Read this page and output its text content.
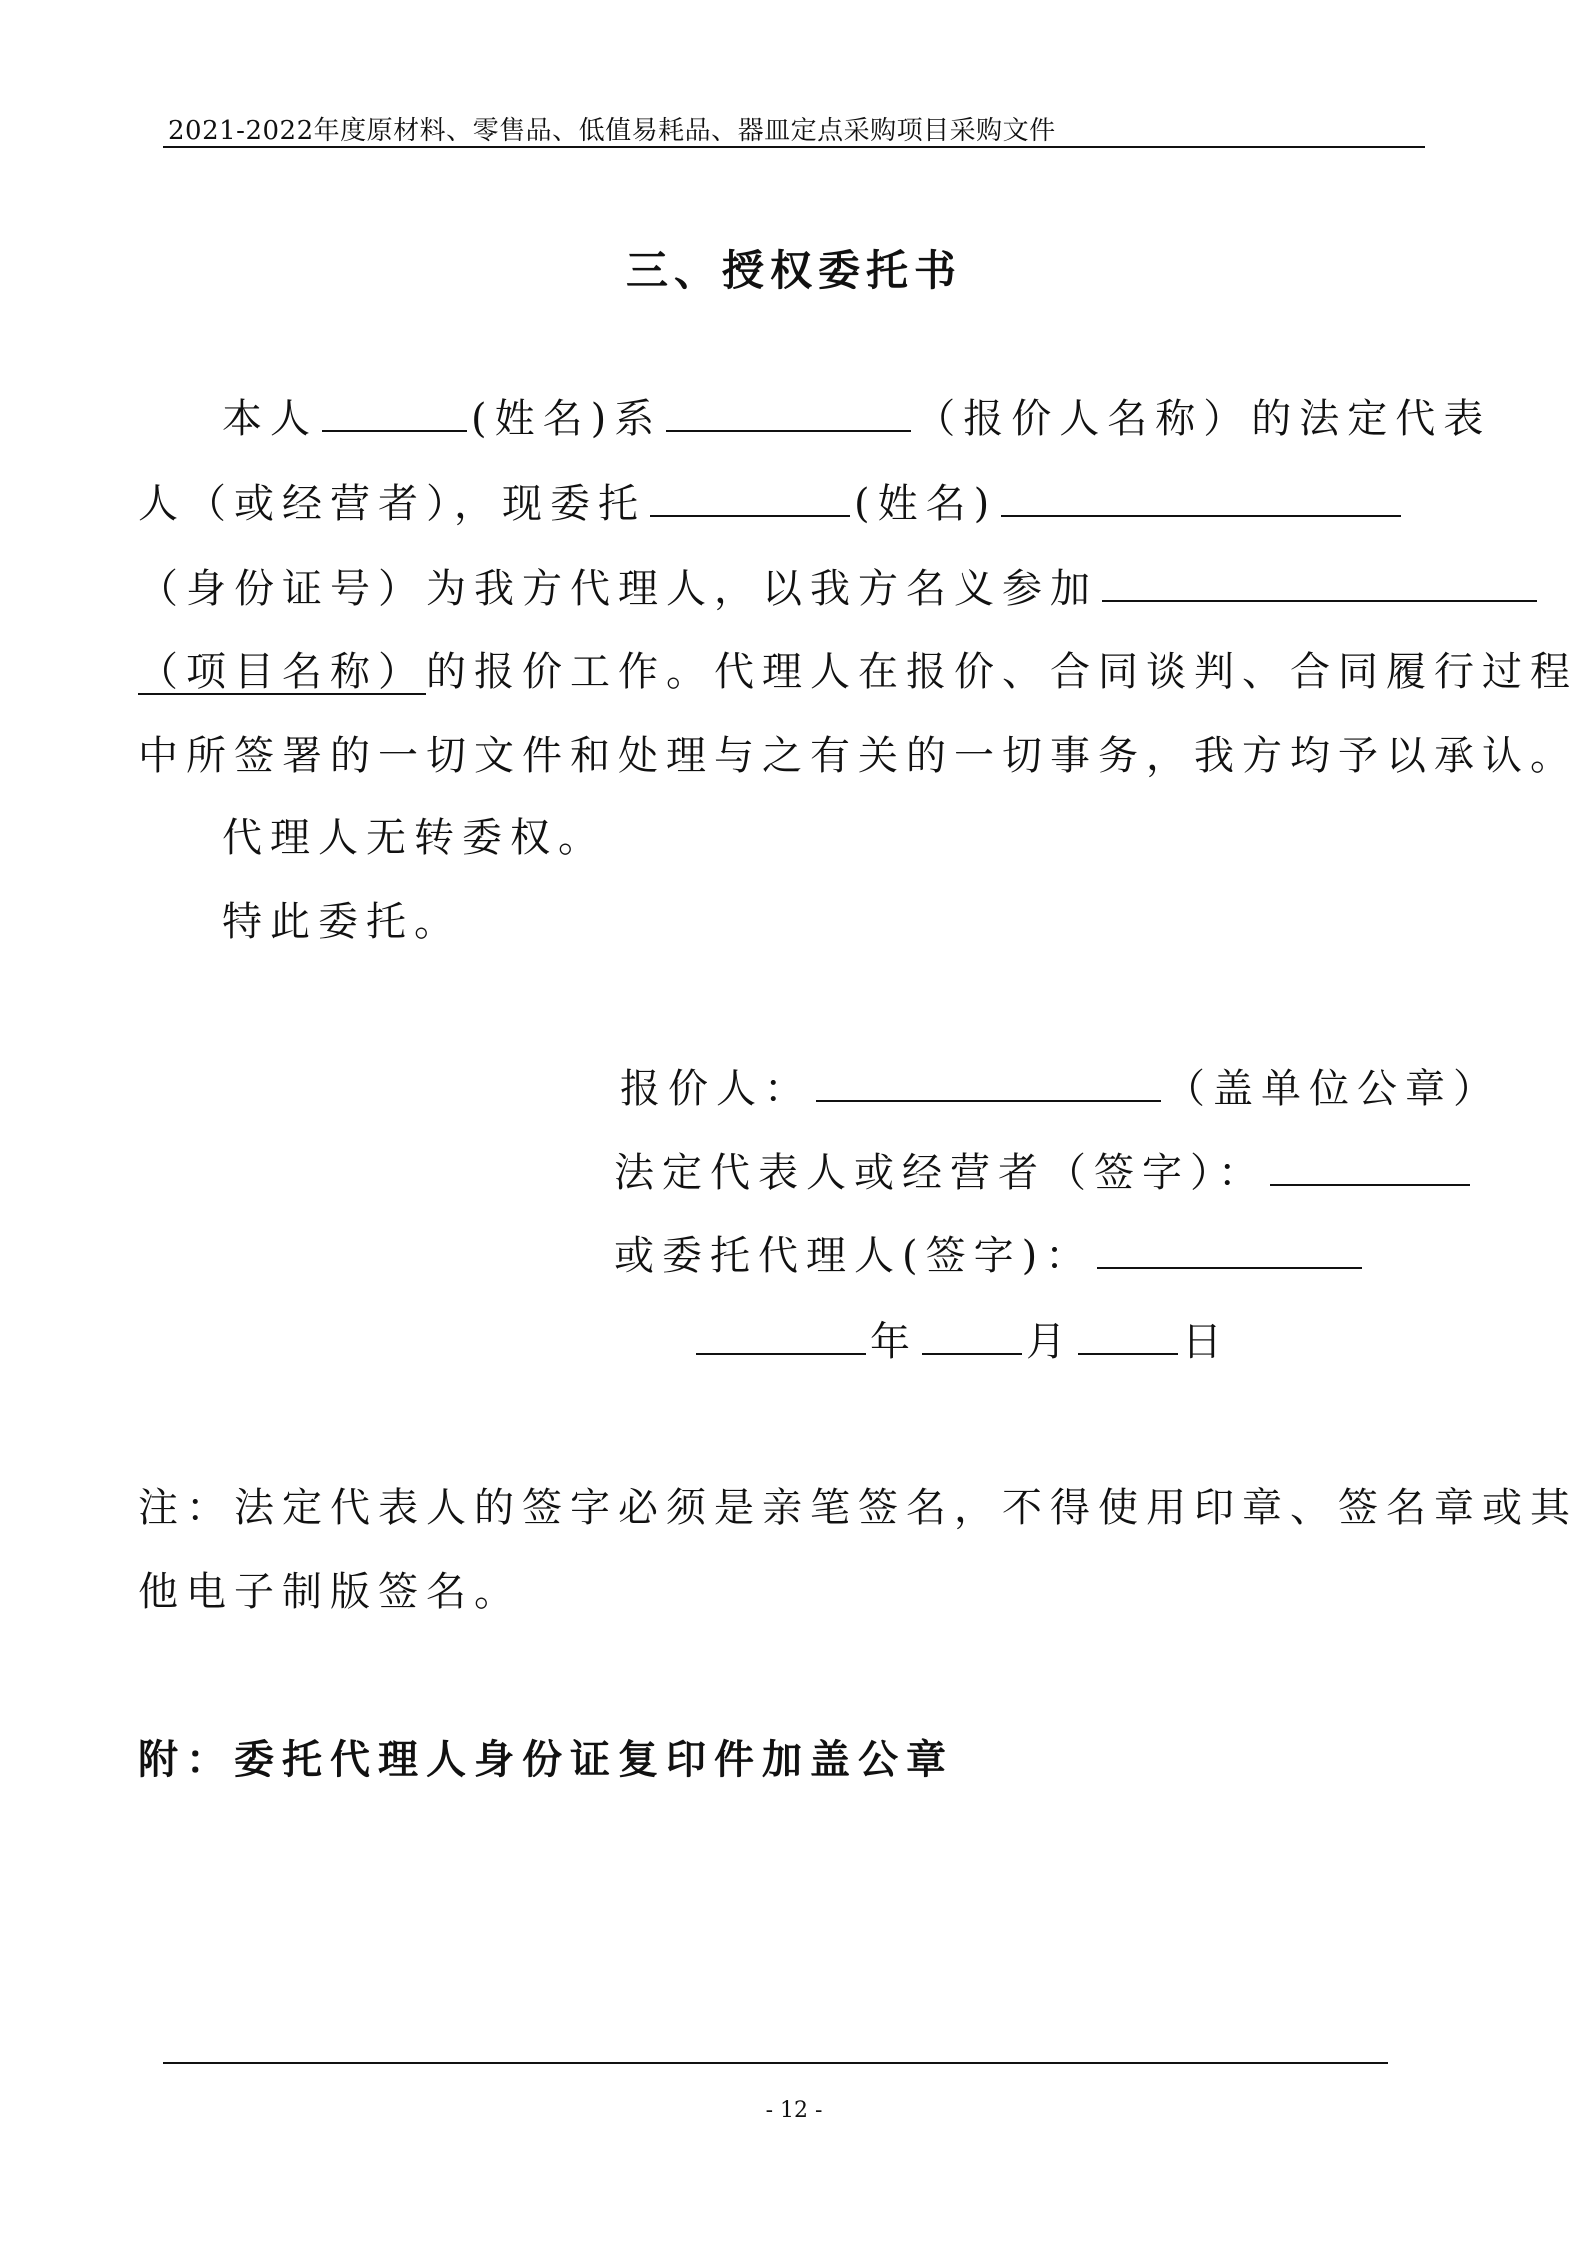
2021-2022年度原材料、零售品、低值易耗品、器皿定点采购项目采购文件
三、授权委托书
本人	(姓名)系	（报价人名称）的法定代表
人（或经营者），现委托	(姓名)
（身份证号）为我方代理人，以我方名义参加
（项目名称）的报价工作。代理人在报价、合同谈判、合同履行过程
中所签署的一切文件和处理与之有关的一切事务，我方均予以承认。
代理人无转委权。
特此委托。
报价人：	（盖单位公章）
法定代表人或经营者（签字）：
或委托代理人(签字)：
年	月	日
注：法定代表人的签字必须是亲笔签名，不得使用印章、签名章或其
他电子制版签名。
附：委托代理人身份证复印件加盖公章
- 12 -
